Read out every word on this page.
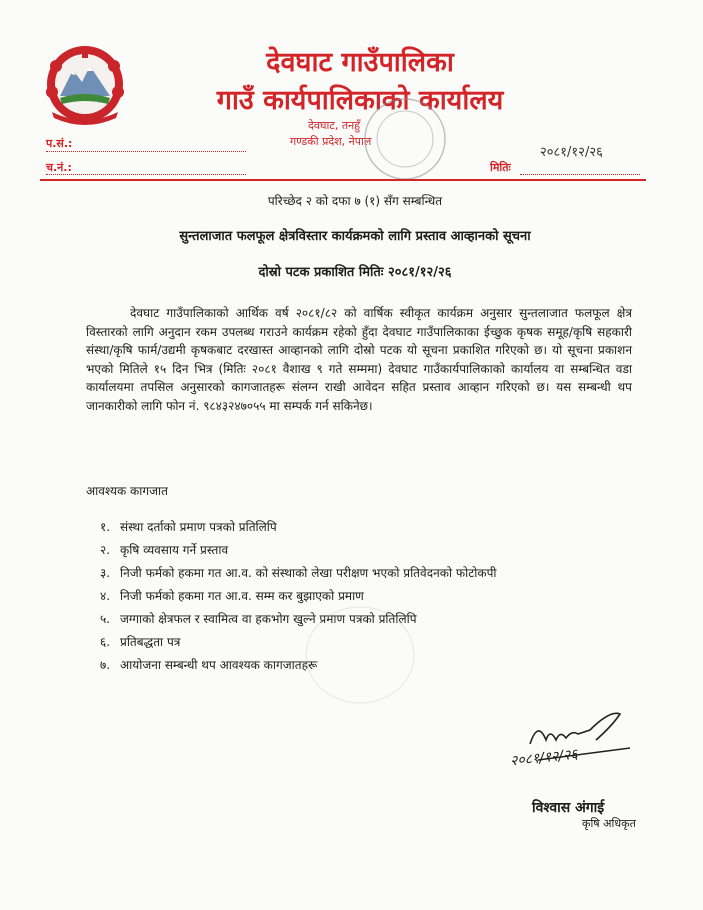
देवघाट गाउँपालिका
गाउँ कार्यपालिकाको कार्यालय
देवघाट, तनहुँ
गण्डकी प्रदेश, नेपाल
प.सं.:
२०८१/१२/२६
च.नं.:	मितिः
परिच्छेद २ को दफा ७ (१) सँग सम्बन्धित
सुन्तलाजात फलफूल क्षेत्रविस्तार कार्यक्रमको लागि प्रस्ताव आव्हानको सूचना
दोस्रो पटक प्रकाशित मितिः २०८१/१२/२६
देवघाट गाउँपालिकाको आर्थिक वर्ष २०८१/८२ को वार्षिक स्वीकृत कार्यक्रम अनुसार सुन्तलाजात फलफूल क्षेत्र विस्तारको लागि अनुदान रकम उपलब्ध गराउने कार्यक्रम रहेको हुँदा देवघाट गाउँपालिकाका ईच्छुक कृषक समूह/कृषि सहकारी संस्था/कृषि फार्म/उद्यमी कृषकबाट दरखास्त आव्हानको लागि दोस्रो पटक यो सूचना प्रकाशित गरिएको छ। यो सूचना प्रकाशन भएको मितिले १५ दिन भित्र (मितिः २०८१ वैशाख ९ गते सम्ममा) देवघाट गाउँकार्यपालिकाको कार्यालय वा सम्बन्धित वडा कार्यालयमा तपसिल अनुसारको कागजातहरू संलग्न राखी आवेदन सहित प्रस्ताव आव्हान गरिएको छ। यस सम्बन्धी थप जानकारीको लागि फोन नं. ९८४३२४७०५५ मा सम्पर्क गर्न सकिनेछ।
आवश्यक कागजात
१. संस्था दर्ताको प्रमाण पत्रको प्रतिलिपि
२. कृषि व्यवसाय गर्ने प्रस्ताव
३. निजी फर्मको हकमा गत आ.व. को संस्थाको लेखा परीक्षण भएको प्रतिवेदनको फोटोकपी
४. निजी फर्मको हकमा गत आ.व. सम्म कर बुझाएको प्रमाण
५. जग्गाको क्षेत्रफल र स्वामित्व वा हकभोग खुल्ने प्रमाण पत्रको प्रतिलिपि
६. प्रतिबद्धता पत्र
७. आयोजना सम्बन्धी थप आवश्यक कागजातहरू
२०८१/१२/२६
विश्वास अंगाई
कृषि अधिकृत
